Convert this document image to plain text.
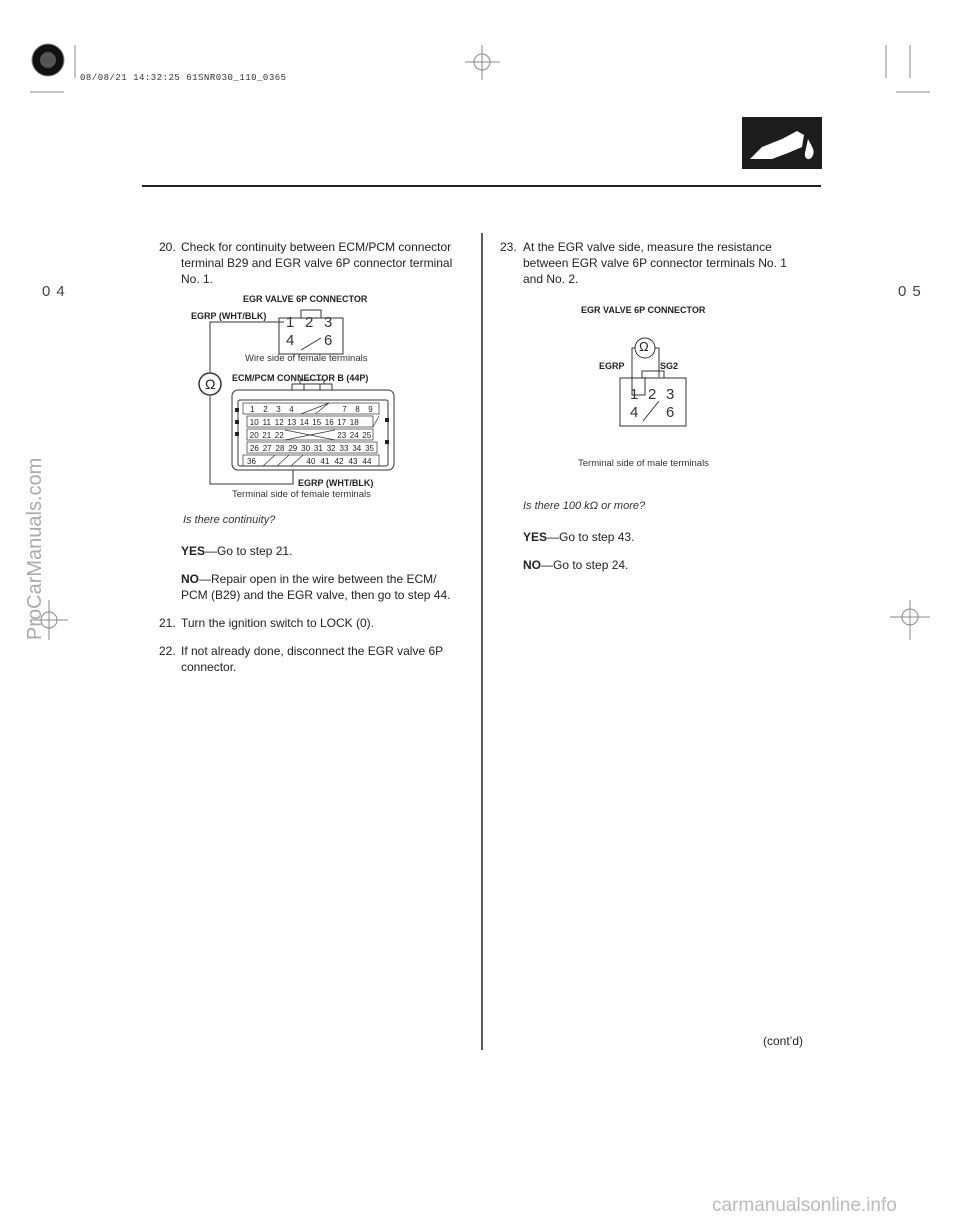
08/08/21 14:32:25 61SNR030_110_0365
04	05
20. Check for continuity between ECM/PCM connector
terminal B29 and EGR valve 6P connector terminal
No. 1.
EGR VALVE 6P CONNECTOR
EGRP (WHT/BLK)
Wire side of female terminals
ECM/PCM CONNECTOR B (44P)
EGRP (WHT/BLK)
Terminal side of female terminals
Ω
1 2 3
4 6
1	2	3	4	7	8	9
10 11 12 13 14 15 16 17 18
20 21 22	23 24 25
26 27 28 29 30 31 32 33 34 35
36	40 41 42 43 44
Is there continuity?
YES—Go to step 21.
NO—Repair open in the wire between the ECM/
PCM (B29) and the EGR valve, then go to step 44.
21. Turn the ignition switch to LOCK (0).
22. If not already done, disconnect the EGR valve 6P
connector.
23. At the EGR valve side, measure the resistance
between EGR valve 6P connector terminals No. 1
and No. 2.
EGR VALVE 6P CONNECTOR
EGRP	SG2
Ω
1 2 3
4 6
Terminal side of male terminals
Is there 100 kΩ or more?
YES—Go to step 43.
NO—Go to step 24.
(cont’d)
ProCarManuals.com
carmanualsonline.info
